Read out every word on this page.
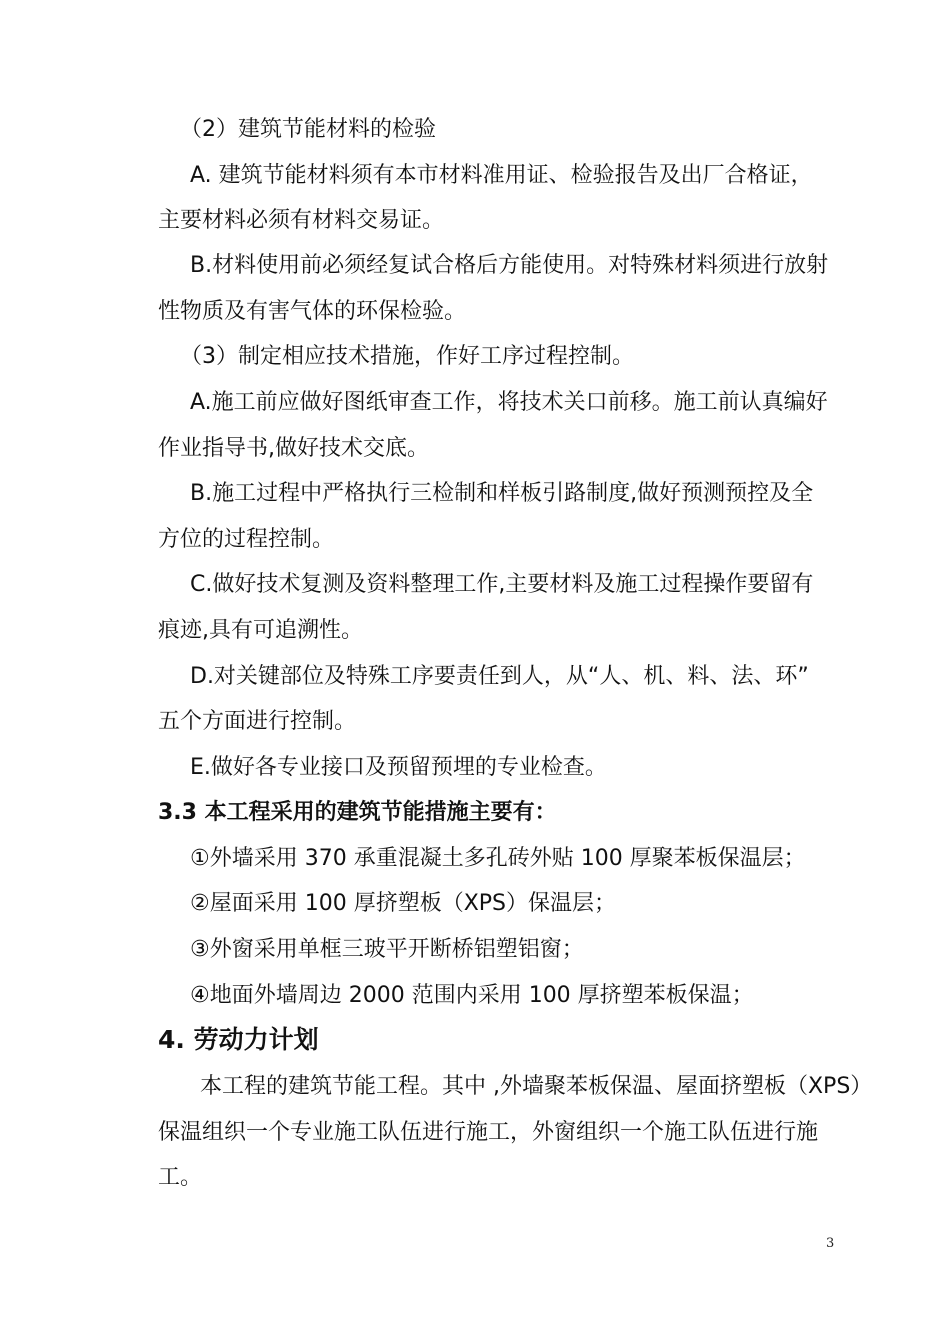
（2）建筑节能材料的检验
A. 建筑节能材料须有本市材料准用证、检验报告及出厂合格证，
主要材料必须有材料交易证。
B.材料使用前必须经复试合格后方能使用。对特殊材料须进行放射
性物质及有害气体的环保检验。
（3）制定相应技术措施，作好工序过程控制。
A.施工前应做好图纸审查工作，将技术关口前移。施工前认真编好
作业指导书,做好技术交底。
B.施工过程中严格执行三检制和样板引路制度,做好预测预控及全
方位的过程控制。
C.做好技术复测及资料整理工作,主要材料及施工过程操作要留有
痕迹,具有可追溯性。
D.对关键部位及特殊工序要责任到人，从“人、机、料、法、环”
五个方面进行控制。
E.做好各专业接口及预留预埋的专业检查。
3.3 本工程采用的建筑节能措施主要有：
①外墙采用 370 承重混凝土多孔砖外贴 100 厚聚苯板保温层；
②屋面采用 100 厚挤塑板（XPS）保温层；
③外窗采用单框三玻平开断桥铝塑铝窗；
④地面外墙周边 2000 范围内采用 100 厚挤塑苯板保温；
4. 劳动力计划
本工程的建筑节能工程。其中 ,外墙聚苯板保温、屋面挤塑板（XPS）
保温组织一个专业施工队伍进行施工，外窗组织一个施工队伍进行施
工。
3
